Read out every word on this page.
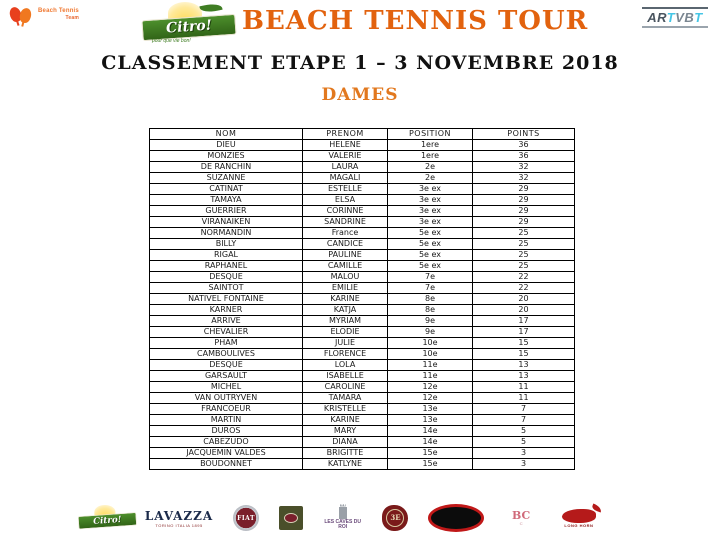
Beach Tennis
Team	Citro!
pour que vie bon!
BEACH TENNIS TOUR	ARTVBT
CLASSEMENT ETAPE 1 – 3 NOVEMBRE 2018
DAMES
NOM	PRENOM	POSITION	POINTS
DIEU	HELENE	1ere	36
MONZIES	VALERIE	1ere	36
DE RANCHIN	LAURA	2e	32
SUZANNE	MAGALI	2e	32
CATINAT	ESTELLE	3e ex	29
TAMAYA	ELSA	3e ex	29
GUERRIER	CORINNE	3e ex	29
VIRANAIKEN	SANDRINE	3e ex	29
NORMANDIN	France	5e ex	25
BILLY	CANDICE	5e ex	25
RIGAL	PAULINE	5e ex	25
RAPHANEL	CAMILLE	5e ex	25
DESQUE	MALOU	7e	22
SAINTOT	EMILIE	7e	22
NATIVEL FONTAINE	KARINE	8e	20
KARNER	KATJA	8e	20
ARRIVE	MYRIAM	9e	17
CHEVALIER	ELODIE	9e	17
PHAM	JULIE	10e	15
CAMBOULIVES	FLORENCE	10e	15
DESQUE	LOLA	11e	13
GARSAULT	ISABELLE	11e	13
MICHEL	CAROLINE	12e	11
VAN OUTRYVEN	TAMARA	12e	11
FRANCOEUR	KRISTELLE	13e	7
MARTIN	KARINE	13e	7
DUROS	MARY	14e	5
CABEZUDO	DIANA	14e	5
JACQUEMIN VALDES	BRIGITTE	15e	3
BOUDONNET	KATLYNE	15e	3
Citro!	LAVAZZA
TORINO ITALIA 1895
FIAT	LES CAVES DU ROI
3E	BC
C	LONG HORN
